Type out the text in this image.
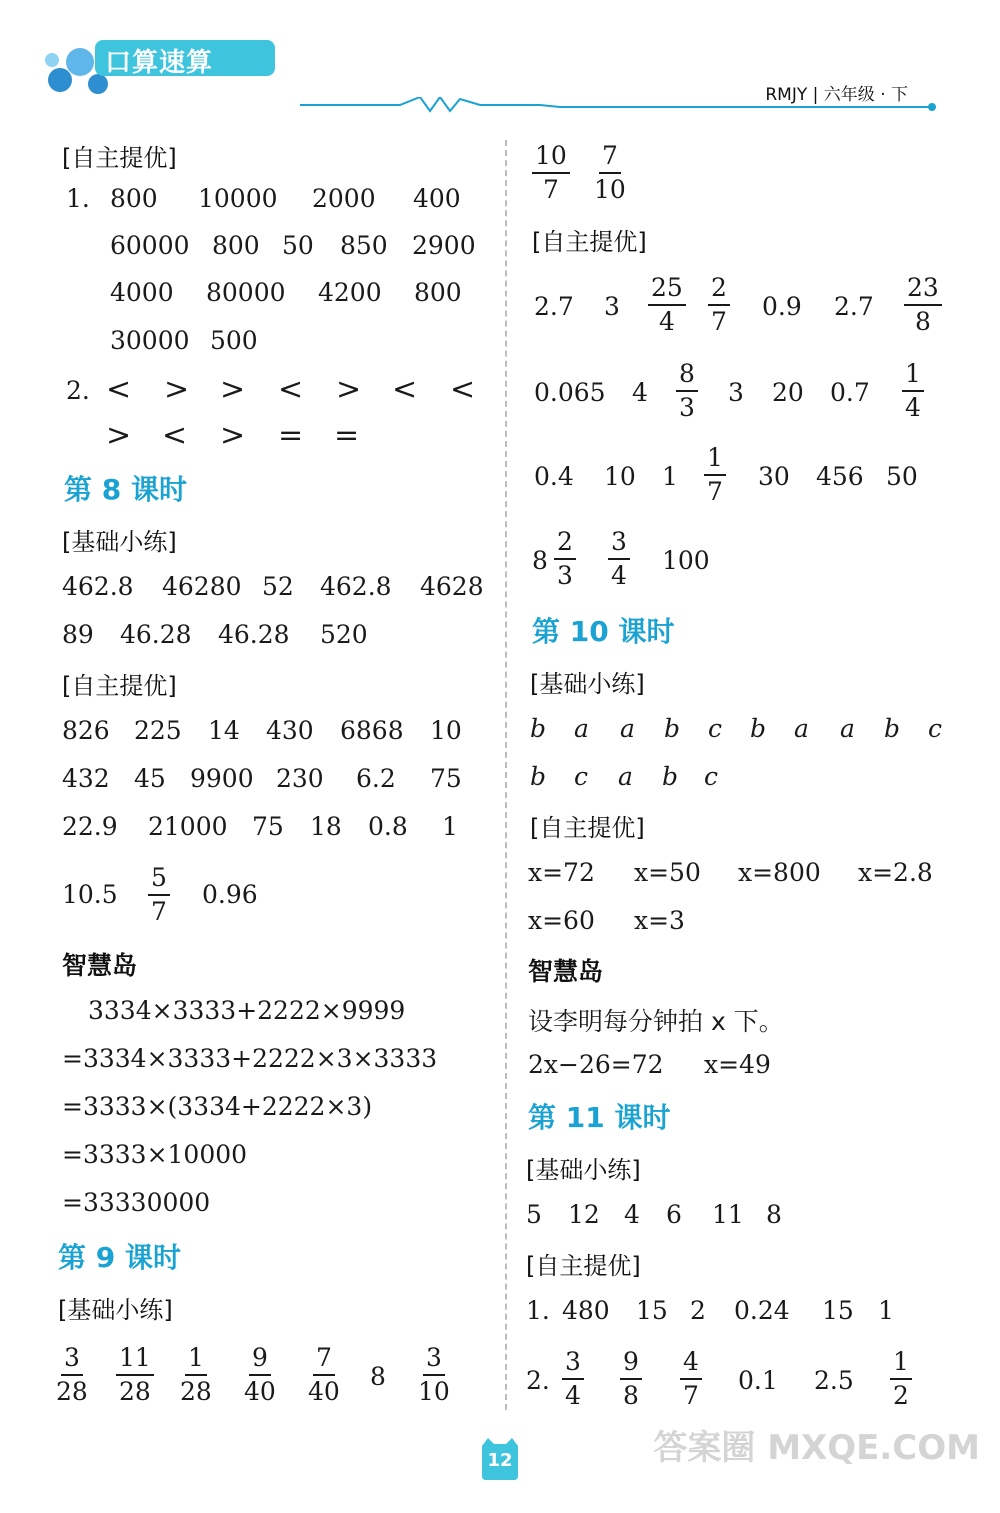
口算速算
RMJY | 六年级 · 下
[自主提优]
1. 800 10000 2000 400
60000 800 50 850 2900
4000 80000 4200 800
30000 500
2. < > > < > < <
> < > = =
第 8 课时
[基础小练]
462.8 46280 52 462.8 4628
89 46.28 46.28 520
[自主提优]
826 225 14 430 6868 10
432 45 9900 230 6.2 75
22.9 21000 75 18 0.8 1
$10.5 \frac{5}{7} 0.96$
智慧岛
3334×3333+2222×9999
=3334×3333+2222×3×3333
=3333×(3334+2222×3)
=3333×10000
=33330000
第 9 课时
[基础小练]
$\frac{3}{28} \frac{11}{28} \frac{1}{28} \frac{9}{40} \frac{7}{40} 8 \frac{3}{10}$
$\frac{10}{7} \frac{7}{10}$
[自主提优]
2.7 $3 \frac{25}{4} \frac{2}{7} 0.9$ $2.7 \frac{23}{8}$
0.065 $4 \frac{8}{3} 3$ 20 $0.7 \frac{1}{4}$
0.4 10 $1 \frac{1}{7} 30$ 456 50
$8 \frac{2}{3} \frac{3}{4} 100$
第 10 课时
[基础小练]
b a a b c b a a b c
b c a b c
[自主提优]
x=72 x=50 x=800 x=2.8
x=60 x=3
智慧岛
设李明每分钟拍 x 下。
2x−26=72 x=49
第 11 课时
[基础小练]
5 12 4 6 11 8
[自主提优]
1. 480 15 2 0.24 15 1
2. $\frac{3}{4} \frac{9}{8} \frac{4}{7} 0.1$ $2.5 \frac{1}{2}$
12	答案圈 MXQE.COM
